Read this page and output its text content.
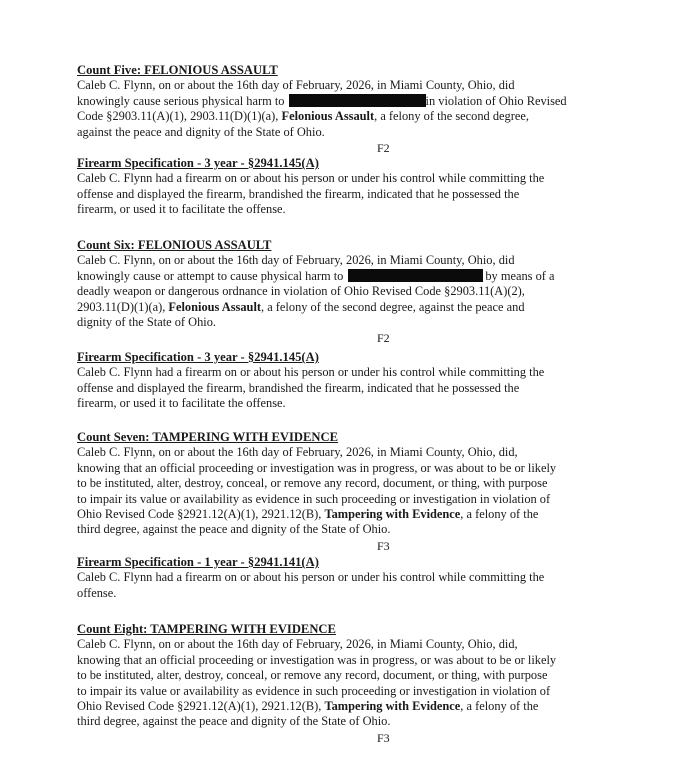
Count Five: FELONIOUS ASSAULT
Caleb C. Flynn, on or about the 16th day of February, 2026, in Miami County, Ohio, did
knowingly cause serious physical harm to	in violation of Ohio Revised
Code §2903.11(A)(1), 2903.11(D)(1)(a), Felonious Assault, a felony of the second degree,
against the peace and dignity of the State of Ohio.
F2
Firearm Specification - 3 year - §2941.145(A)
Caleb C. Flynn had a firearm on or about his person or under his control while committing the
offense and displayed the firearm, brandished the firearm, indicated that he possessed the
firearm, or used it to facilitate the offense.
Count Six: FELONIOUS ASSAULT
Caleb C. Flynn, on or about the 16th day of February, 2026, in Miami County, Ohio, did
knowingly cause or attempt to cause physical harm to	by means of a
deadly weapon or dangerous ordnance in violation of Ohio Revised Code §2903.11(A)(2),
2903.11(D)(1)(a), Felonious Assault, a felony of the second degree, against the peace and
dignity of the State of Ohio.
F2
Firearm Specification - 3 year - §2941.145(A)
Caleb C. Flynn had a firearm on or about his person or under his control while committing the
offense and displayed the firearm, brandished the firearm, indicated that he possessed the
firearm, or used it to facilitate the offense.
Count Seven: TAMPERING WITH EVIDENCE
Caleb C. Flynn, on or about the 16th day of February, 2026, in Miami County, Ohio, did,
knowing that an official proceeding or investigation was in progress, or was about to be or likely
to be instituted, alter, destroy, conceal, or remove any record, document, or thing, with purpose
to impair its value or availability as evidence in such proceeding or investigation in violation of
Ohio Revised Code §2921.12(A)(1), 2921.12(B), Tampering with Evidence, a felony of the
third degree, against the peace and dignity of the State of Ohio.
F3
Firearm Specification - 1 year - §2941.141(A)
Caleb C. Flynn had a firearm on or about his person or under his control while committing the
offense.
Count Eight: TAMPERING WITH EVIDENCE
Caleb C. Flynn, on or about the 16th day of February, 2026, in Miami County, Ohio, did,
knowing that an official proceeding or investigation was in progress, or was about to be or likely
to be instituted, alter, destroy, conceal, or remove any record, document, or thing, with purpose
to impair its value or availability as evidence in such proceeding or investigation in violation of
Ohio Revised Code §2921.12(A)(1), 2921.12(B), Tampering with Evidence, a felony of the
third degree, against the peace and dignity of the State of Ohio.
F3
